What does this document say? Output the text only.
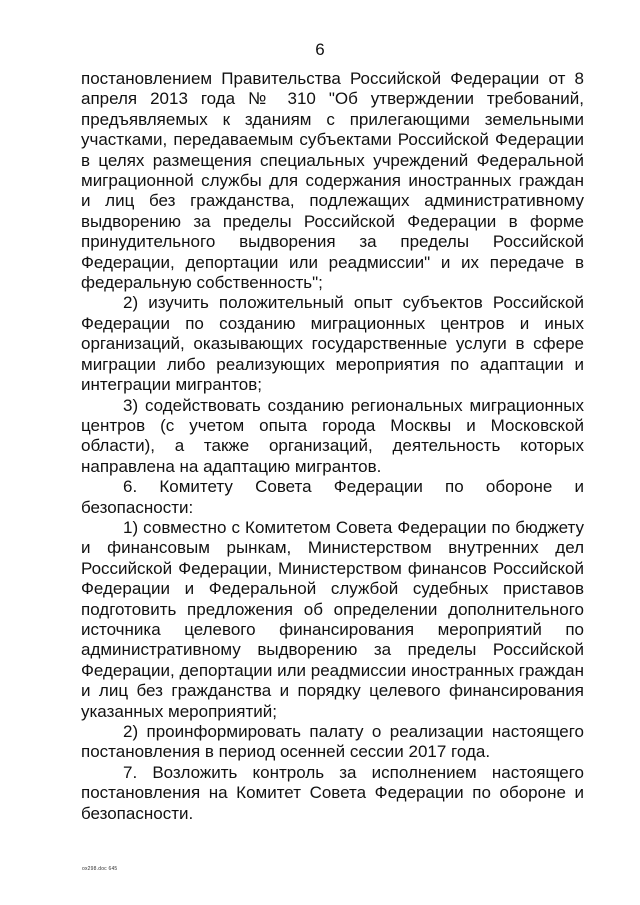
6

постановлением Правительства Российской Федерации от 8 апреля 2013 года № 310 "Об утверждении требований, предъявляемых к зданиям с прилегающими земельными участками, передаваемым субъектами Российской Федерации в целях размещения специальных учреждений Федеральной миграционной службы для содержания иностранных граждан и лиц без гражданства, подлежащих административному выдворению за пределы Российской Федерации в форме принудительного выдворения за пределы Российской Федерации, депортации или реадмиссии" и их передаче в федеральную собственность";

2) изучить положительный опыт субъектов Российской Федерации по созданию миграционных центров и иных организаций, оказывающих государственные услуги в сфере миграции либо реализующих мероприятия по адаптации и интеграции мигрантов;

3) содействовать созданию региональных миграционных центров (с учетом опыта города Москвы и Московской области), а также организаций, деятельность которых направлена на адаптацию мигрантов.

6. Комитету Совета Федерации по обороне и безопасности:

1) совместно с Комитетом Совета Федерации по бюджету и финансовым рынкам, Министерством внутренних дел Российской Федерации, Министерством финансов Российской Федерации и Федеральной службой судебных приставов подготовить предложения об определении дополнительного источника целевого финансирования мероприятий по административному выдворению за пределы Российской Федерации, депортации или реадмиссии иностранных граждан и лиц без гражданства и порядку целевого финансирования указанных мероприятий;

2) проинформировать палату о реализации настоящего постановления в период осенней сессии 2017 года.

7. Возложить контроль за исполнением настоящего постановления на Комитет Совета Федерации по обороне и безопасности.

ox298.doc 645
